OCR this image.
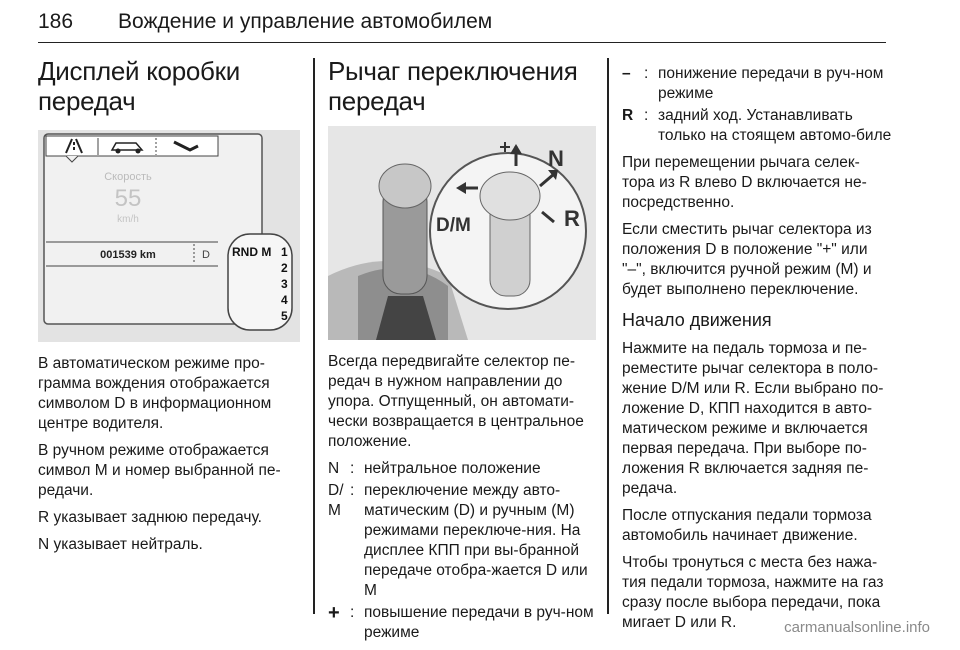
186 Вождение и управление автомобилем
Дисплей коробки передач
Скорость
55
km/h
001539 km	D RND M 1
2
3
4
5

В автоматическом режиме про-грамма вождения отображается символом D в информационном центре водителя.

В ручном режиме отображается символ M и номер выбранной пе-редачи.

R указывает заднюю передачу.

N указывает нейтраль.

Рычаг переключения передач
D/M
N
R

Всегда передвигайте селектор пе-редач в нужном направлении до упора. Отпущенный, он автомати-чески возвращается в центральное положение.

N : нейтральное положение
D/ M
: переключение между авто-матическим (D) и ручным (M) режимами переключе-ния. На дисплее КПП при вы-бранной передаче отобра-жается D или M
+ : повышение передачи в руч-ном режиме
– : понижение передачи в руч-ном режиме
R : задний ход. Устанавливать только на стоящем автомо-биле

При перемещении рычага селек-тора из R влево D включается не-посредственно.

Если сместить рычаг селектора из положения D в положение "+" или "–", включится ручной режим (M) и будет выполнено переключение.

Начало движения

Нажмите на педаль тормоза и пе-реместите рычаг селектора в поло-жение D/M или R. Если выбрано по-ложение D, КПП находится в авто-матическом режиме и включается первая передача. При выборе по-ложения R включается задняя пе-редача.

После отпускания педали тормоза автомобиль начинает движение.

Чтобы тронуться с места без нажа-тия педали тормоза, нажмите на газ сразу после выбора передачи, пока мигает D или R.	carmanualsonline.info
